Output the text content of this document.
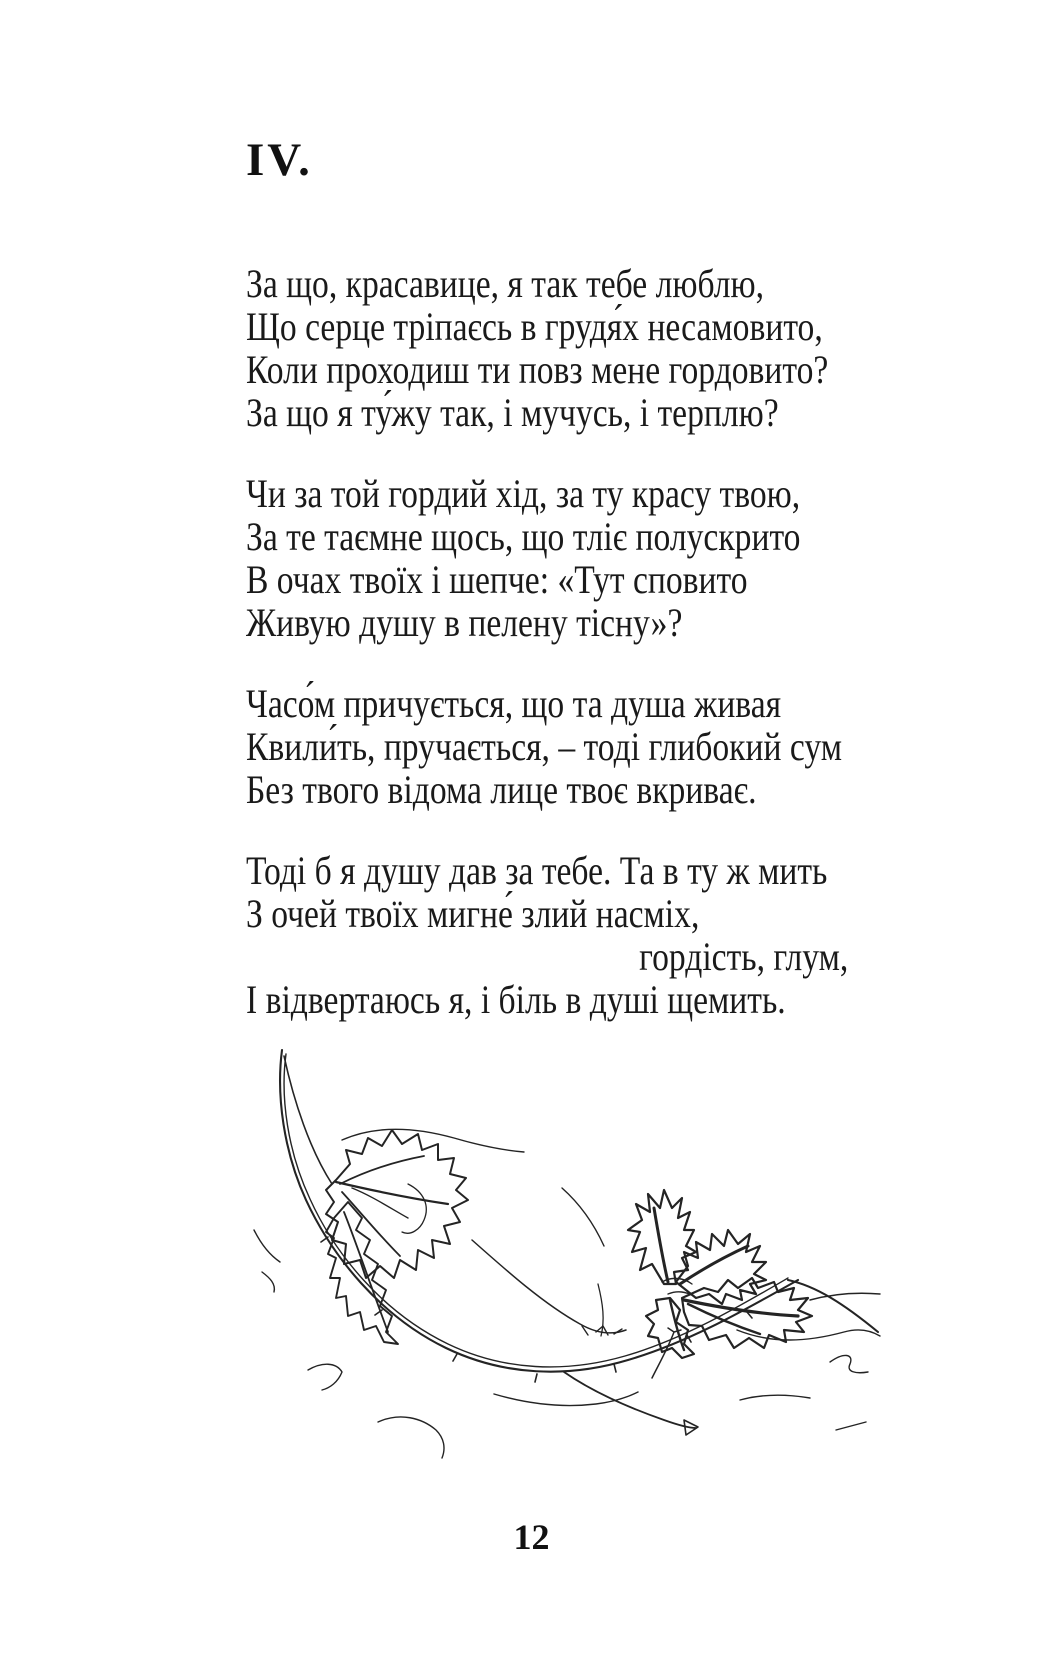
IV.
За що, красавице, я так тебе люблю,
Що серце тріпаєсь в грудя́х несамовито,
Коли проходиш ти повз мене гордовито?
За що я ту́жу так, і мучусь, і терплю?
Чи за той гордий хід, за ту красу твою,
За те таємне щось, що тліє полускрито
В очах твоїх і шепче: «Тут сповито
Живую душу в пелену тісну»?
Часо́м причується, що та душа живая
Квили́ть, пручається, – тоді глибокий сум
Без твого відома лице твоє вкриває.
Тоді б я душу дав за тебе. Та в ту ж мить
З очей твоїх мигне́ злий насміх,
гордість, глум,
І відвертаюсь я, і біль в душі щемить.
12
